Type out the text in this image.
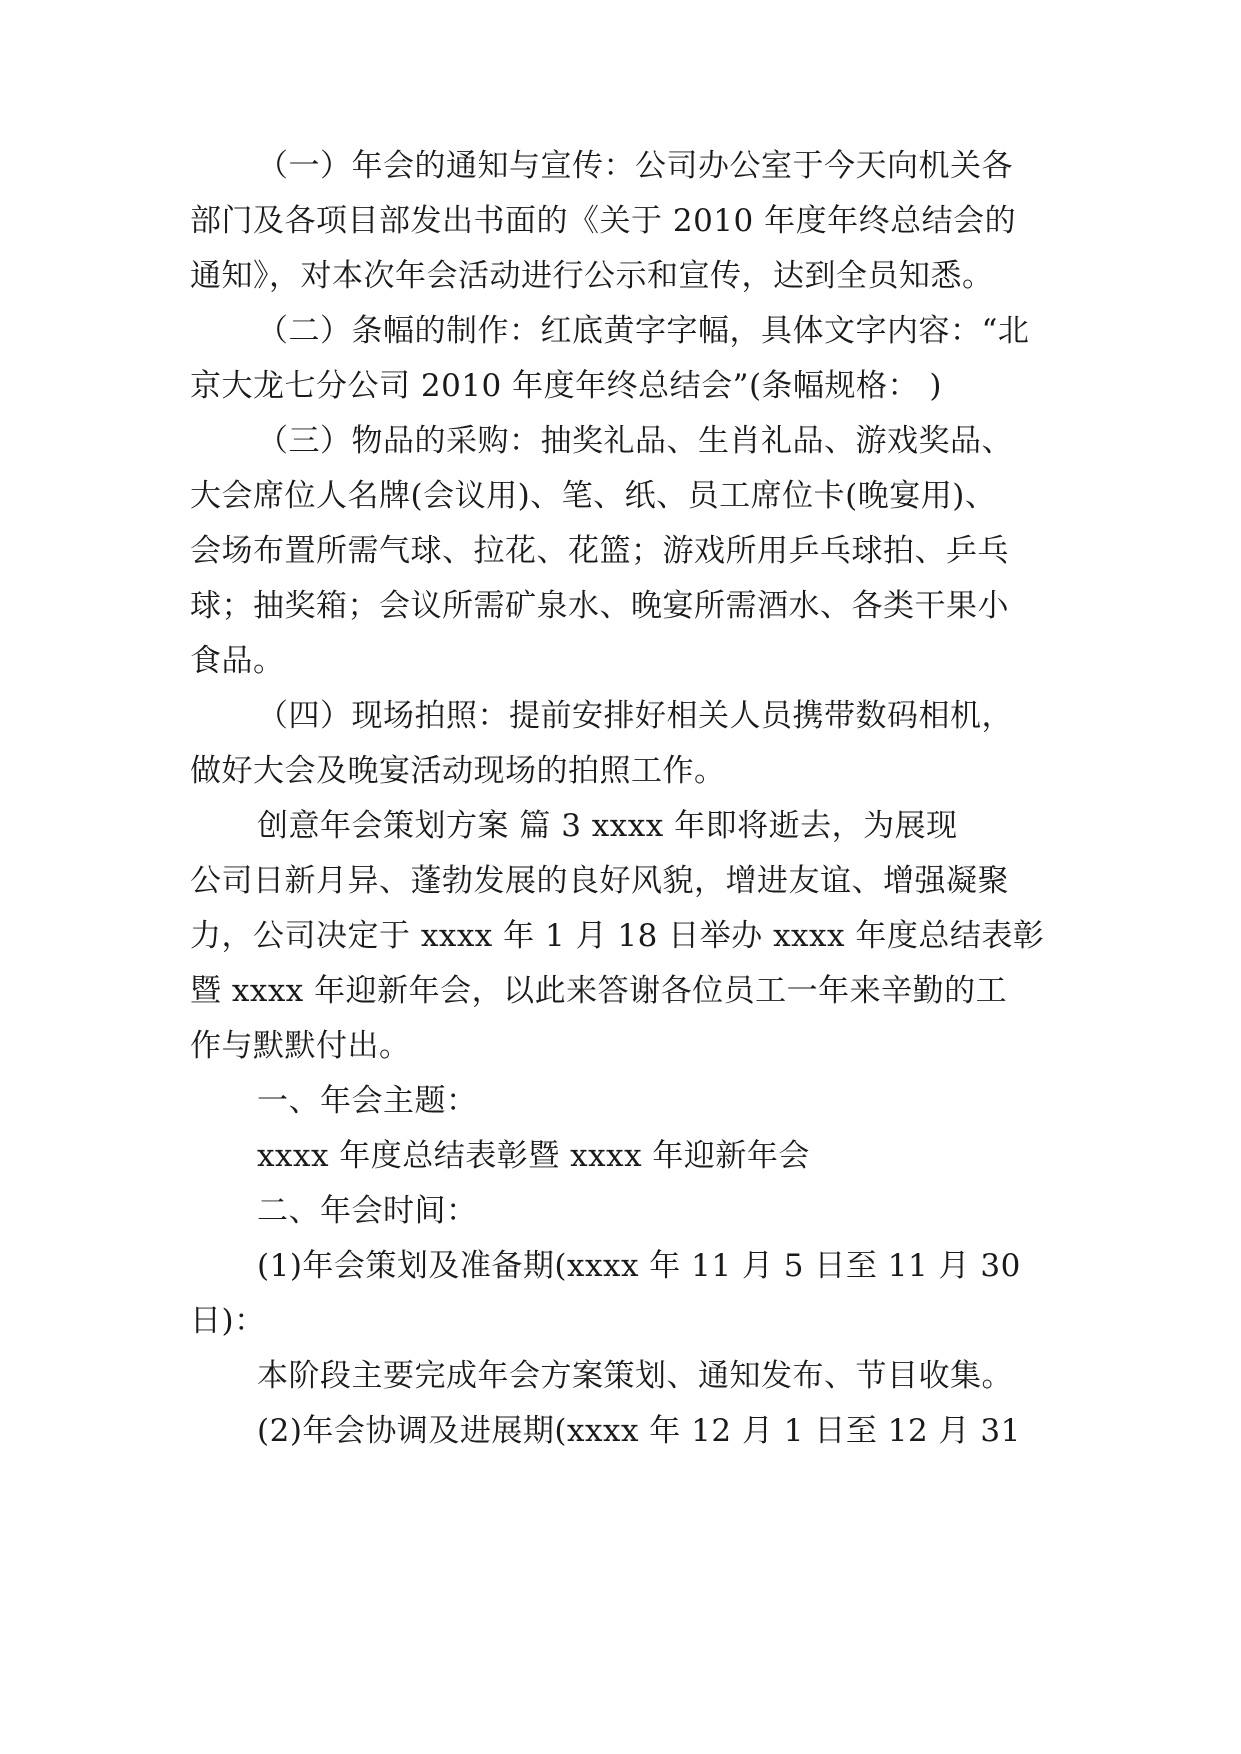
（一）年会的通知与宣传：公司办公室于今天向机关各
部门及各项目部发出书面的《关于 2010 年度年终总结会的
通知》，对本次年会活动进行公示和宣传，达到全员知悉。
（二）条幅的制作：红底黄字字幅，具体文字内容：“北
京大龙七分公司 2010 年度年终总结会”(条幅规格： )
（三）物品的采购：抽奖礼品、生肖礼品、游戏奖品、
大会席位人名牌(会议用)、笔、纸、员工席位卡(晚宴用)、
会场布置所需气球、拉花、花篮；游戏所用乒乓球拍、乒乓
球；抽奖箱；会议所需矿泉水、晚宴所需酒水、各类干果小
食品。
（四）现场拍照：提前安排好相关人员携带数码相机，
做好大会及晚宴活动现场的拍照工作。
创意年会策划方案 篇 3 xxxx 年即将逝去，为展现
公司日新月异、蓬勃发展的良好风貌，增进友谊、增强凝聚
力，公司决定于 xxxx 年 1 月 18 日举办 xxxx 年度总结表彰
暨 xxxx 年迎新年会，以此来答谢各位员工一年来辛勤的工
作与默默付出。
一、年会主题：
xxxx 年度总结表彰暨 xxxx 年迎新年会
二、年会时间：
(1)年会策划及准备期(xxxx 年 11 月 5 日至 11 月 30
日)：
本阶段主要完成年会方案策划、通知发布、节目收集。
(2)年会协调及进展期(xxxx 年 12 月 1 日至 12 月 31
